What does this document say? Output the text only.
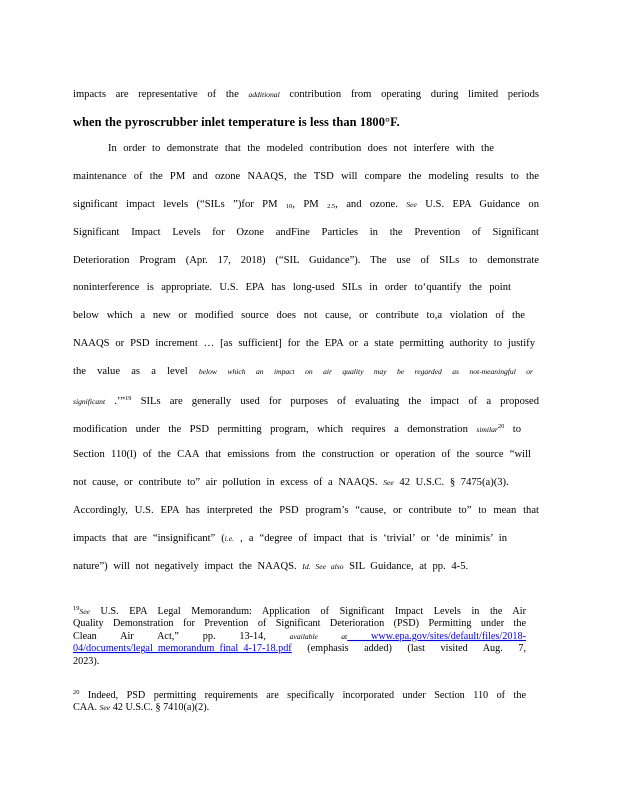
impacts are representative of the additional contribution from operating during limited periods
when the pyroscrubber inlet temperature is less than 1800°F.
In order to demonstrate that the modeled contribution does not interfere with the
maintenance of the PM and ozone NAAQS, the TSD will compare the modeling results to the
significant impact levels (“SILs ”)for PM 10, PM 2.5, and ozone. See U.S. EPA Guidance on
Significant Impact Levels for Ozone andFine Particles in the Prevention of Significant
Deterioration Program (Apr. 17, 2018) (“SIL Guidance”). The use of SILs to demonstrate
noninterference is appropriate. U.S. EPA has long-used SILs in order to‘quantify the point
below which a new or modified source does not cause, or contribute to,a violation of the
NAAQS or PSD increment … [as sufficient] for the EPA or a state permitting authority to justify
the value as a level below which an impact on air quality may be regarded as not-meaningful or
significant .’”$^{19}$ SILs are generally used for purposes of evaluating the impact of a proposed
modification under the PSD permitting program, which requires a demonstration similar$^{20}$ to
Section 110(l) of the CAA that emissions from the construction or operation of the source “will
not cause, or contribute to” air pollution in excess of a NAAQS. See 42 U.S.C. § 7475(a)(3).
Accordingly, U.S. EPA has interpreted the PSD program’s “cause, or contribute to” to mean that
impacts that are “insignificant” (i.e. , a “degree of impact that is ‘trivial’ or ‘de minimis’ in
nature”) will not negatively impact the NAAQS. Id. See also SIL Guidance, at pp. 4-5.
$^{19}$See U.S. EPA Legal Memorandum: Application of Significant Impact Levels in the Air
Quality Demonstration for Prevention of Significant Deterioration (PSD) Permitting under the
Clean Air Act,” pp. 13-14, available at www.epa.gov/sites/default/files/2018-
04/documents/legal_memorandum_final_4-17-18.pdf (emphasis added) (last visited Aug. 7,
2023).
$^{20}$ Indeed, PSD permitting requirements are specifically incorporated under Section 110 of the
CAA. See 42 U.S.C. § 7410(a)(2).
